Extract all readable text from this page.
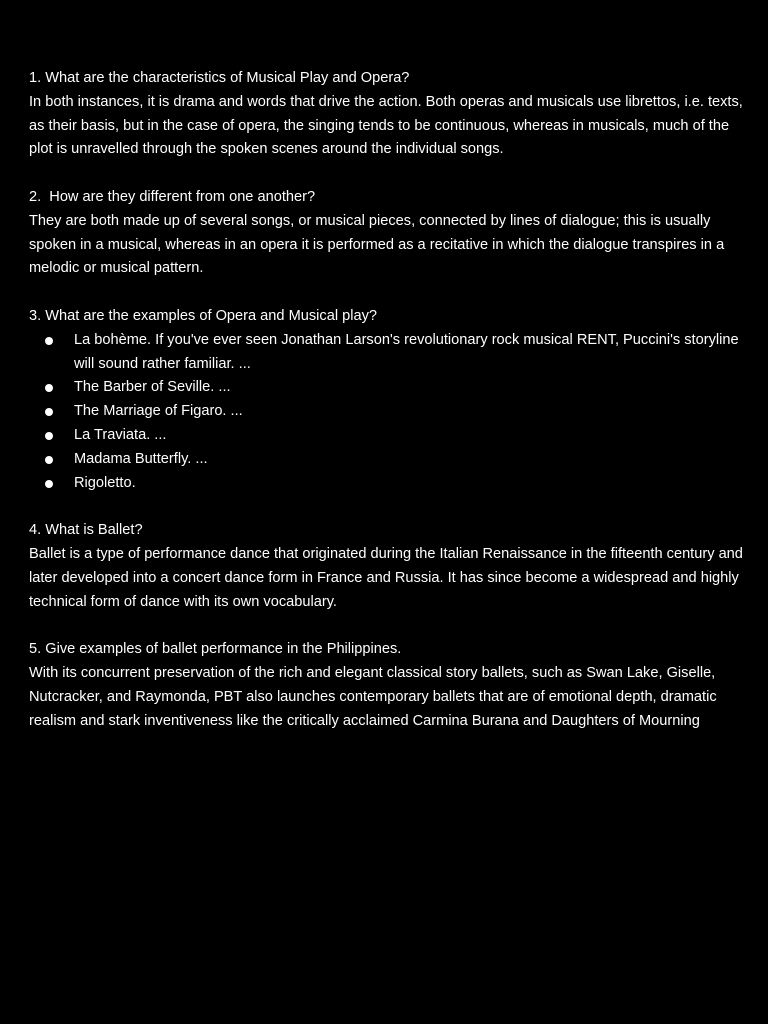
1. What are the characteristics of Musical Play and Opera?

In both instances, it is drama and words that drive the action. Both operas and musicals use librettos, i.e. texts, as their basis, but in the case of opera, the singing tends to be continuous, whereas in musicals, much of the plot is unravelled through the spoken scenes around the individual songs.

2.  How are they different from one another?

They are both made up of several songs, or musical pieces, connected by lines of dialogue; this is usually spoken in a musical, whereas in an opera it is performed as a recitative in which the dialogue transpires in a melodic or musical pattern.

3. What are the examples of Opera and Musical play?

La bohème. If you've ever seen Jonathan Larson's revolutionary rock musical RENT, Puccini's storyline will sound rather familiar. ...
The Barber of Seville. ...
The Marriage of Figaro. ...
La Traviata. ...
Madama Butterfly. ...
Rigoletto.

4. What is Ballet?

Ballet is a type of performance dance that originated during the Italian Renaissance in the fifteenth century and later developed into a concert dance form in France and Russia. It has since become a widespread and highly technical form of dance with its own vocabulary.

5. Give examples of ballet performance in the Philippines.

With its concurrent preservation of the rich and elegant classical story ballets, such as Swan Lake, Giselle, Nutcracker, and Raymonda, PBT also launches contemporary ballets that are of emotional depth, dramatic realism and stark inventiveness like the critically acclaimed Carmina Burana and Daughters of Mourning
